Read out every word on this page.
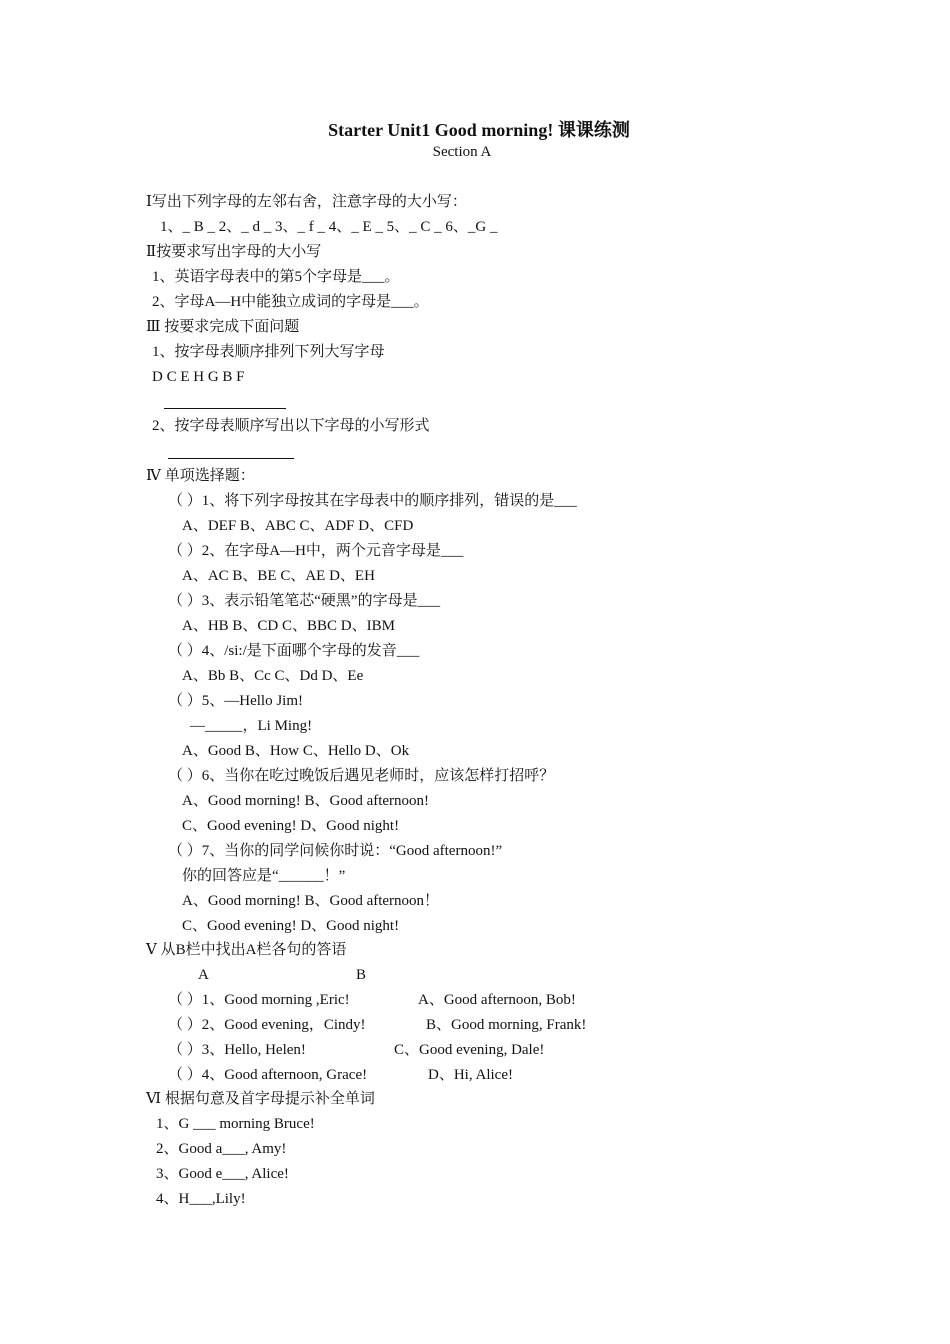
Starter Unit1 Good morning! 课课练测
Section A
Ⅰ写出下列字母的左邻右舍，注意字母的大小写：
1、_ B _ 2、_ d _ 3、_ f _ 4、_ E _ 5、_ C _ 6、_G _
Ⅱ按要求写出字母的大小写
1、英语字母表中的第5个字母是___。
2、字母A—H中能独立成词的字母是___。
Ⅲ 按要求完成下面问题
1、按字母表顺序排列下列大写字母
D C E H G B F
2、按字母表顺序写出以下字母的小写形式
Ⅳ 单项选择题：
（ ）1、将下列字母按其在字母表中的顺序排列，错误的是___
A、DEF B、ABC C、ADF D、CFD
（ ）2、在字母A—H中，两个元音字母是___
A、AC B、BE C、AE D、EH
（ ）3、表示铅笔笔芯“硬黑”的字母是___
A、HB B、CD C、BBC D、IBM
（ ）4、/si:/是下面哪个字母的发音___
A、Bb B、Cc C、Dd D、Ee
（ ）5、—Hello Jim!
—_____，Li Ming!
A、Good B、How C、Hello D、Ok
（ ）6、当你在吃过晚饭后遇见老师时，应该怎样打招呼？
A、Good morning! B、Good afternoon!
C、Good evening! D、Good night!
（ ）7、当你的同学问候你时说：“Good afternoon!”
你的回答应是“______！”
A、Good morning! B、Good afternoon！
C、Good evening! D、Good night!
Ⅴ 从B栏中找出A栏各句的答语
A	B
（ ）1、Good morning ,Eric!	A、Good afternoon, Bob!
（ ）2、Good evening，Cindy!	B、Good morning, Frank!
（ ）3、Hello, Helen!	C、Good evening, Dale!
（ ）4、Good afternoon, Grace!	D、Hi, Alice!
Ⅵ 根据句意及首字母提示补全单词
1、G ___ morning Bruce!
2、Good a___, Amy!
3、Good e___, Alice!
4、H___,Lily!
